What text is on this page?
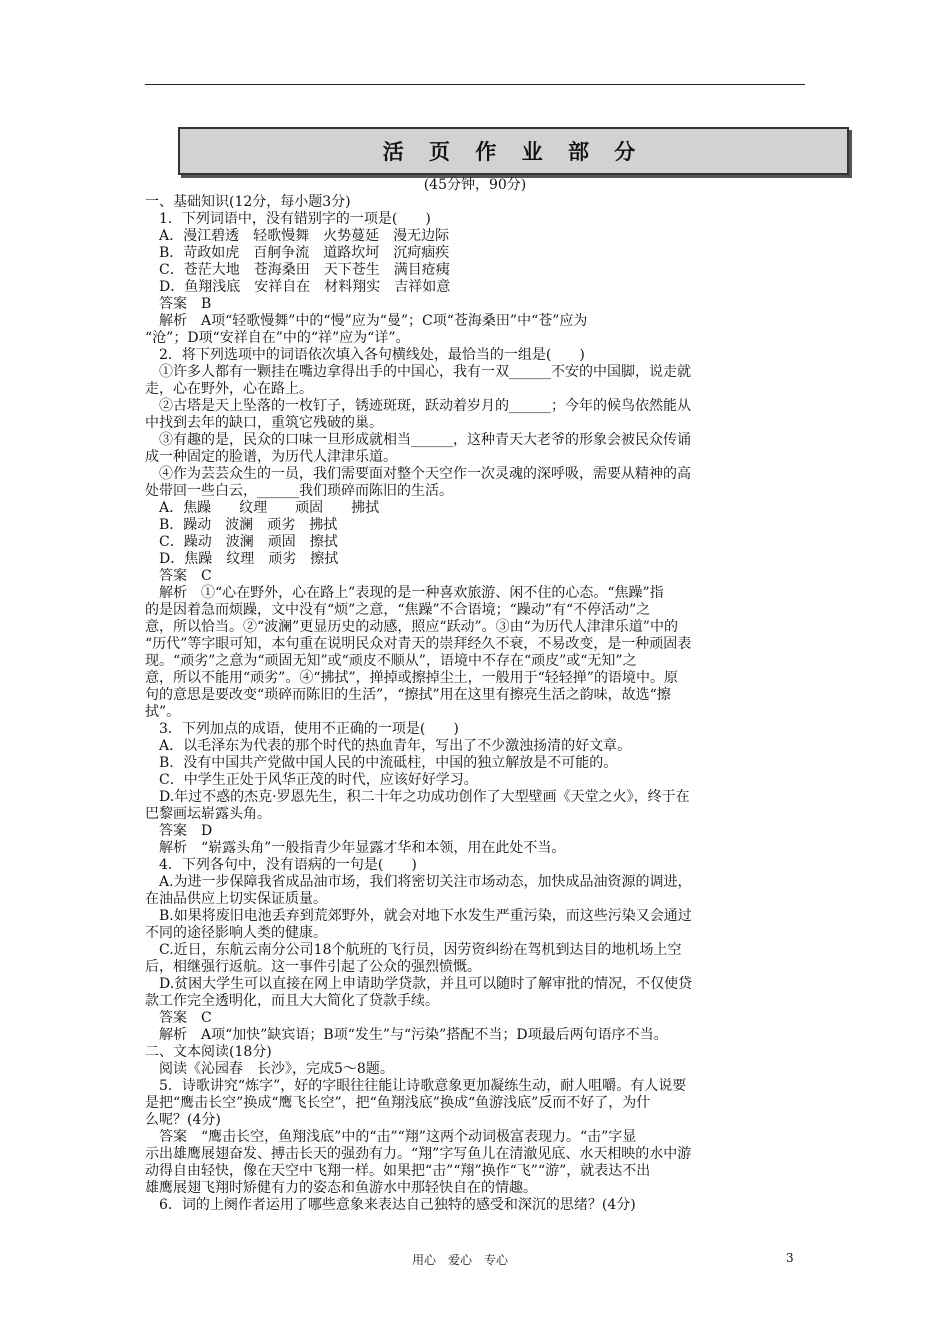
活 页 作 业 部 分
(45分钟，90分)

一、基础知识(12分，每小题3分)

　1．下列词语中，没有错别字的一项是(　　)

　A．漫江碧透　轻歌慢舞　火势蔓延　漫无边际

　B．苛政如虎　百舸争流　道路坎坷　沉疴痼疾

　C．苍茫大地　苍海桑田　天下苍生　满目疮痍

　D．鱼翔浅底　安祥自在　材料翔实　吉祥如意

　答案　B

　解析　A项“轻歌慢舞”中的“慢”应为“曼”；C项“苍海桑田”中“苍”应为

“沧”；D项“安祥自在”中的“祥”应为“详”。

　2．将下列选项中的词语依次填入各句横线处，最恰当的一组是(　　)

　①许多人都有一颗挂在嘴边拿得出手的中国心，我有一双______不安的中国脚，说走就

走，心在野外，心在路上。

　②古塔是天上坠落的一枚钉子，锈迹斑斑，跃动着岁月的______；今年的候鸟依然能从

中找到去年的缺口，重筑它残破的巢。

　③有趣的是，民众的口味一旦形成就相当______，这种青天大老爷的形象会被民众传诵

成一种固定的脸谱，为历代人津津乐道。

　④作为芸芸众生的一员，我们需要面对整个天空作一次灵魂的深呼吸，需要从精神的高

处带回一些白云，______我们琐碎而陈旧的生活。

　A．焦躁　　纹理　　顽固　　拂拭

　B．躁动　波澜　顽劣　拂拭

　C．躁动　波澜　顽固　擦拭

　D．焦躁　纹理　顽劣　擦拭

　答案　C

　解析　①“心在野外，心在路上”表现的是一种喜欢旅游、闲不住的心态。“焦躁”指

的是因着急而烦躁，文中没有“烦”之意，“焦躁”不合语境；“躁动”有“不停活动”之

意，所以恰当。②“波澜”更显历史的动感，照应“跃动”。③由“为历代人津津乐道”中的

“历代”等字眼可知，本句重在说明民众对青天的崇拜经久不衰，不易改变，是一种顽固表

现。“顽劣”之意为“顽固无知”或“顽皮不顺从”，语境中不存在“顽皮”或“无知”之

意，所以不能用“顽劣”。④“拂拭”，掸掉或擦掉尘土，一般用于“轻轻掸”的语境中。原

句的意思是要改变“琐碎而陈旧的生活”，“擦拭”用在这里有擦亮生活之韵味，故选“擦

拭”。

　3．下列加点的成语，使用不正确的一项是(　　)

　A．以毛泽东为代表的那个时代的热血青年，写出了不少激浊扬清的好文章。

　B．没有中国共产党做中国人民的中流砥柱，中国的独立解放是不可能的。

　C．中学生正处于风华正茂的时代，应该好好学习。

　D.年过不惑的杰克·罗恩先生，积二十年之功成功创作了大型壁画《天堂之火》，终于在

巴黎画坛崭露头角。

　答案　D

　解析　“崭露头角”一般指青少年显露才华和本领，用在此处不当。

　4．下列各句中，没有语病的一句是(　　)

　A.为进一步保障我省成品油市场，我们将密切关注市场动态，加快成品油资源的调进，

在油品供应上切实保证质量。

　B.如果将废旧电池丢弃到荒郊野外，就会对地下水发生严重污染，而这些污染又会通过

不同的途径影响人类的健康。

　C.近日，东航云南分公司18个航班的飞行员，因劳资纠纷在驾机到达目的地机场上空

后，相继强行返航。这一事件引起了公众的强烈愤慨。

　D.贫困大学生可以直接在网上申请助学贷款，并且可以随时了解审批的情况，不仅使贷

款工作完全透明化，而且大大简化了贷款手续。

　答案　C

　解析　A项“加快”缺宾语；B项“发生”与“污染”搭配不当；D项最后两句语序不当。

二、文本阅读(18分)

　阅读《沁园春　长沙》，完成5～8题。

　5．诗歌讲究“炼字”，好的字眼往往能让诗歌意象更加凝练生动，耐人咀嚼。有人说要

是把“鹰击长空”换成“鹰飞长空”，把“鱼翔浅底”换成“鱼游浅底”反而不好了，为什

么呢？(4分)

　答案　“鹰击长空，鱼翔浅底”中的“击”“翔”这两个动词极富表现力。“击”字显

示出雄鹰展翅奋发、搏击长天的强劲有力。“翔”字写鱼儿在清澈见底、水天相映的水中游

动得自由轻快，像在天空中飞翔一样。如果把“击”“翔”换作“飞”“游”，就表达不出

雄鹰展翅飞翔时矫健有力的姿态和鱼游水中那轻快自在的情趣。

　6．词的上阕作者运用了哪些意象来表达自己独特的感受和深沉的思绪？(4分)

用心　爱心　专心	3
